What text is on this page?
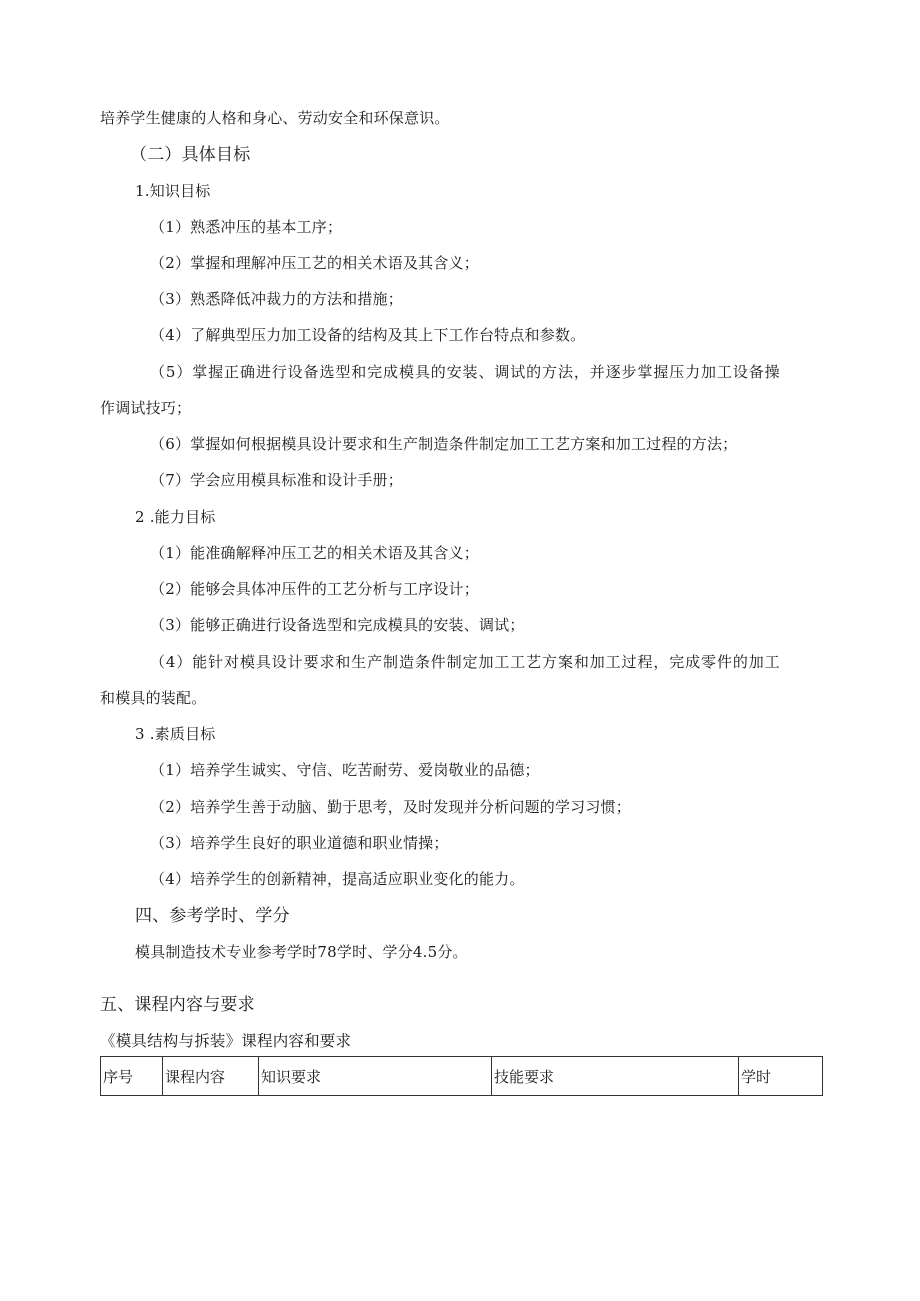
培养学生健康的人格和身心、劳动安全和环保意识。
（二）具体目标
1.知识目标
（1）熟悉冲压的基本工序；
（2）掌握和理解冲压工艺的相关术语及其含义；
（3）熟悉降低冲裁力的方法和措施；
（4）了解典型压力加工设备的结构及其上下工作台特点和参数。
（5）掌握正确进行设备选型和完成模具的安装、调试的方法，并逐步掌握压力加工设备操
作调试技巧；
（6）掌握如何根据模具设计要求和生产制造条件制定加工工艺方案和加工过程的方法；
（7）学会应用模具标准和设计手册；
2 .能力目标
（1）能准确解释冲压工艺的相关术语及其含义；
（2）能够会具体冲压件的工艺分析与工序设计；
（3）能够正确进行设备选型和完成模具的安装、调试；
（4）能针对模具设计要求和生产制造条件制定加工工艺方案和加工过程，完成零件的加工
和模具的装配。
3 .素质目标
（1）培养学生诚实、守信、吃苦耐劳、爱岗敬业的品德；
（2）培养学生善于动脑、勤于思考，及时发现并分析问题的学习习惯；
（3）培养学生良好的职业道德和职业情操；
（4）培养学生的创新精神，提高适应职业变化的能力。
四、参考学时、学分
模具制造技术专业参考学时78学时、学分4.5分。
五、课程内容与要求
《模具结构与拆装》课程内容和要求
序号	课程内容	知识要求	技能要求	学时
